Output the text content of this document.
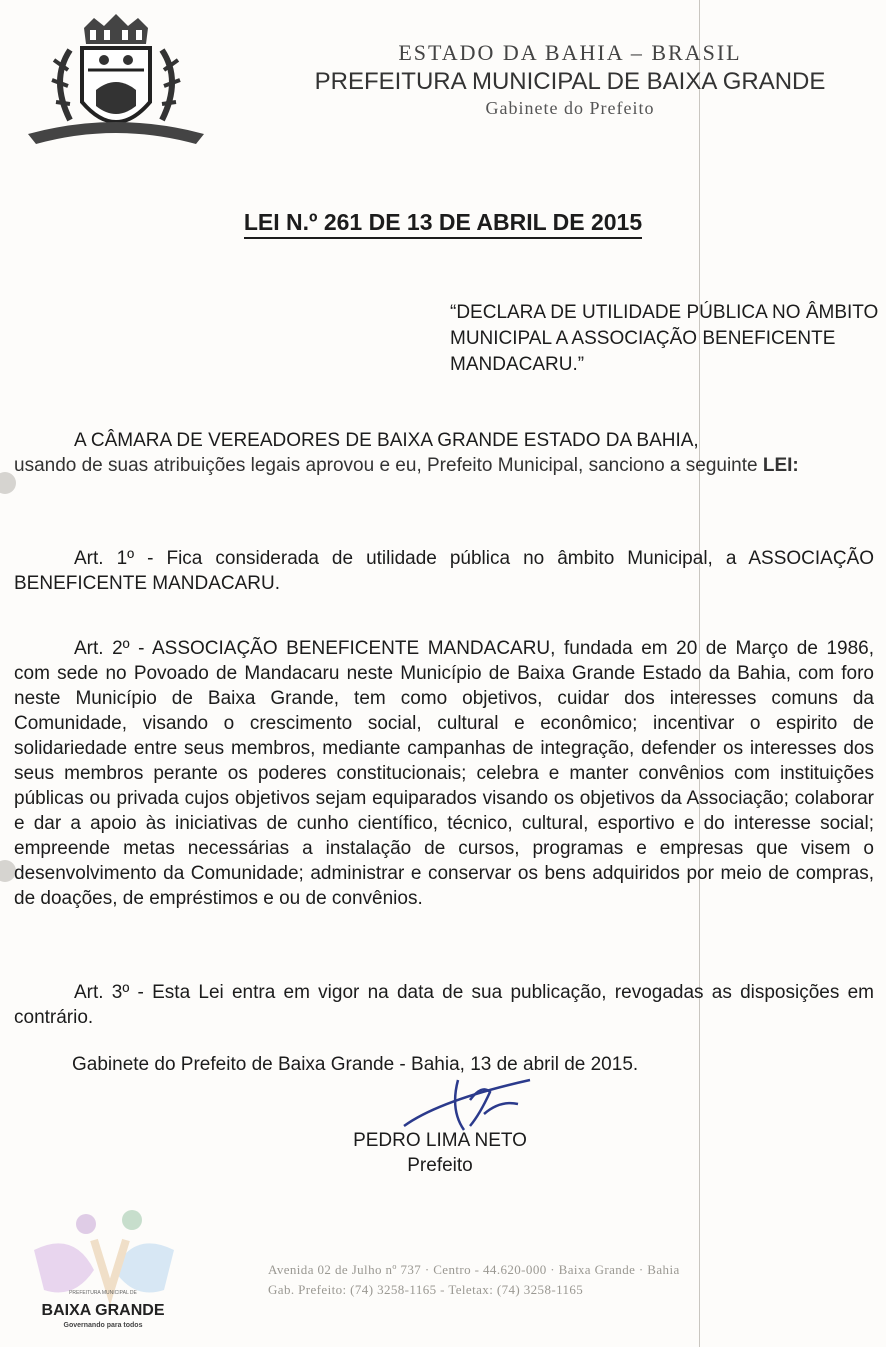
ESTADO DA BAHIA – BRASIL
PREFEITURA MUNICIPAL DE BAIXA GRANDE
Gabinete do Prefeito
LEI N.º 261 DE 13 DE ABRIL DE 2015
“DECLARA DE UTILIDADE PÚBLICA NO ÂMBITO MUNICIPAL A ASSOCIAÇÃO BENEFICENTE MANDACARU.”
A CÂMARA DE VEREADORES DE BAIXA GRANDE ESTADO DA BAHIA,
usando de suas atribuições legais aprovou e eu, Prefeito Municipal, sanciono a seguinte LEI:
Art. 1º - Fica considerada de utilidade pública no âmbito Municipal, a ASSOCIAÇÃO BENEFICENTE MANDACARU.
Art. 2º - ASSOCIAÇÃO BENEFICENTE MANDACARU, fundada em 20 de Março de 1986, com sede no Povoado de Mandacaru neste Município de Baixa Grande Estado da Bahia, com foro neste Município de Baixa Grande, tem como objetivos, cuidar dos interesses comuns da Comunidade, visando o crescimento social, cultural e econômico; incentivar o espirito de solidariedade entre seus membros, mediante campanhas de integração, defender os interesses dos seus membros perante os poderes constitucionais; celebra e manter convênios com instituições públicas ou privada cujos objetivos sejam equiparados visando os objetivos da Associação; colaborar e dar a apoio às iniciativas de cunho científico, técnico, cultural, esportivo e do interesse social; empreende metas necessárias a instalação de cursos, programas e empresas que visem o desenvolvimento da Comunidade; administrar e conservar os bens adquiridos por meio de compras, de doações, de empréstimos e ou de convênios.
Art. 3º - Esta Lei entra em vigor na data de sua publicação, revogadas as disposições em contrário.
Gabinete do Prefeito de Baixa Grande - Bahia, 13 de abril de 2015.
PEDRO LIMA NETO
Prefeito
PREFEITURA MUNICIPAL DE
BAIXA GRANDE
Governando para todos
Avenida 02 de Julho nº 737 · Centro - 44.620-000 · Baixa Grande · Bahia
Gab. Prefeito: (74) 3258-1165 - Teletax: (74) 3258-1165
